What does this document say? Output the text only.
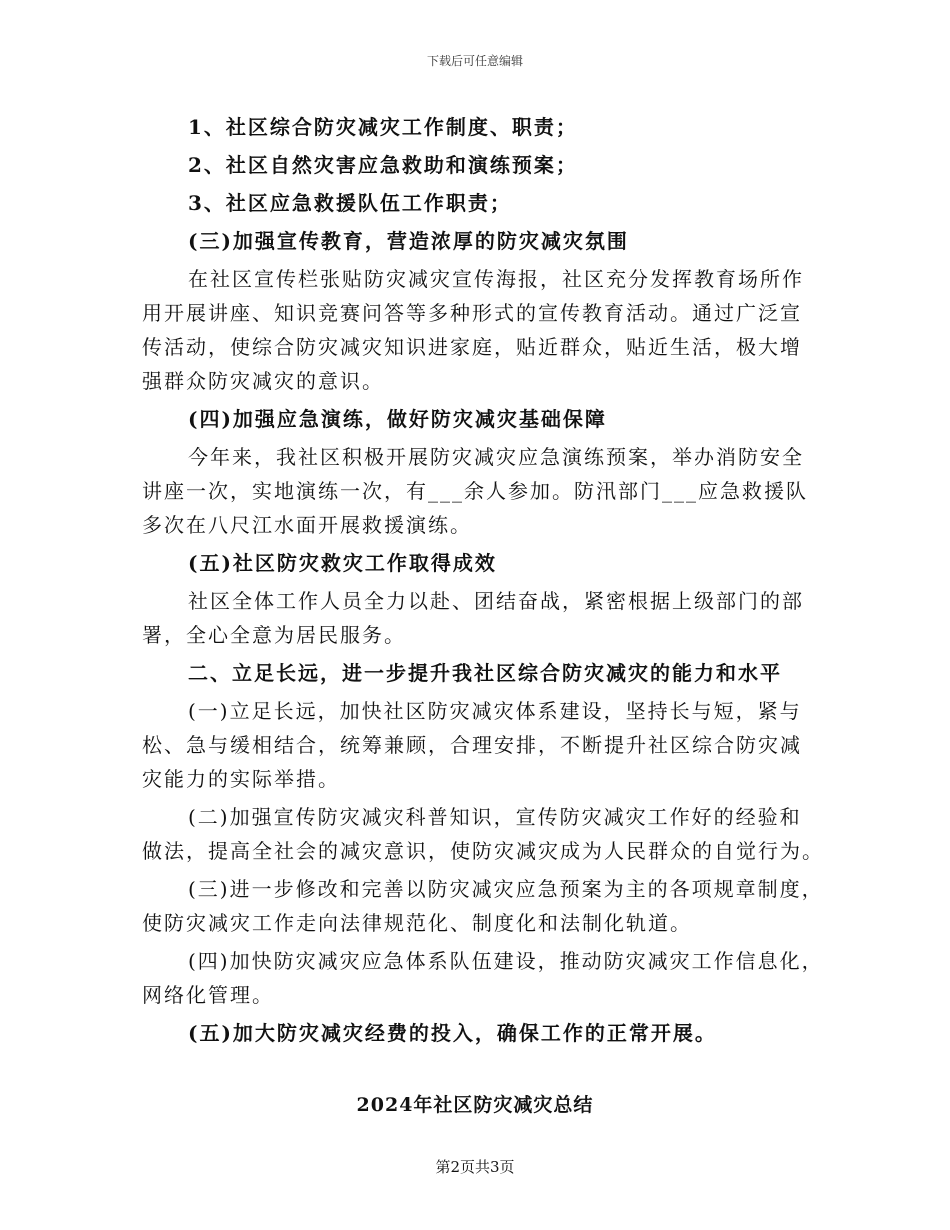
下载后可任意编辑
1、社区综合防灾减灾工作制度、职责；
2、社区自然灾害应急救助和演练预案；
3、社区应急救援队伍工作职责；
(三)加强宣传教育，营造浓厚的防灾减灾氛围
在社区宣传栏张贴防灾减灾宣传海报，社区充分发挥教育场所作
用开展讲座、知识竞赛问答等多种形式的宣传教育活动。通过广泛宣
传活动，使综合防灾减灾知识进家庭，贴近群众，贴近生活，极大增
强群众防灾减灾的意识。
(四)加强应急演练，做好防灾减灾基础保障
今年来，我社区积极开展防灾减灾应急演练预案，举办消防安全
讲座一次，实地演练一次，有___余人参加。防汛部门___应急救援队
多次在八尺江水面开展救援演练。
(五)社区防灾救灾工作取得成效
社区全体工作人员全力以赴、团结奋战，紧密根据上级部门的部
署，全心全意为居民服务。
二、立足长远，进一步提升我社区综合防灾减灾的能力和水平
(一)立足长远，加快社区防灾减灾体系建设，坚持长与短，紧与
松、急与缓相结合，统筹兼顾，合理安排，不断提升社区综合防灾减
灾能力的实际举措。
(二)加强宣传防灾减灾科普知识，宣传防灾减灾工作好的经验和
做法，提高全社会的减灾意识，使防灾减灾成为人民群众的自觉行为。
(三)进一步修改和完善以防灾减灾应急预案为主的各项规章制度，
使防灾减灾工作走向法律规范化、制度化和法制化轨道。
(四)加快防灾减灾应急体系队伍建设，推动防灾减灾工作信息化，
网络化管理。
(五)加大防灾减灾经费的投入，确保工作的正常开展。
2024年社区防灾减灾总结
第2页共3页
